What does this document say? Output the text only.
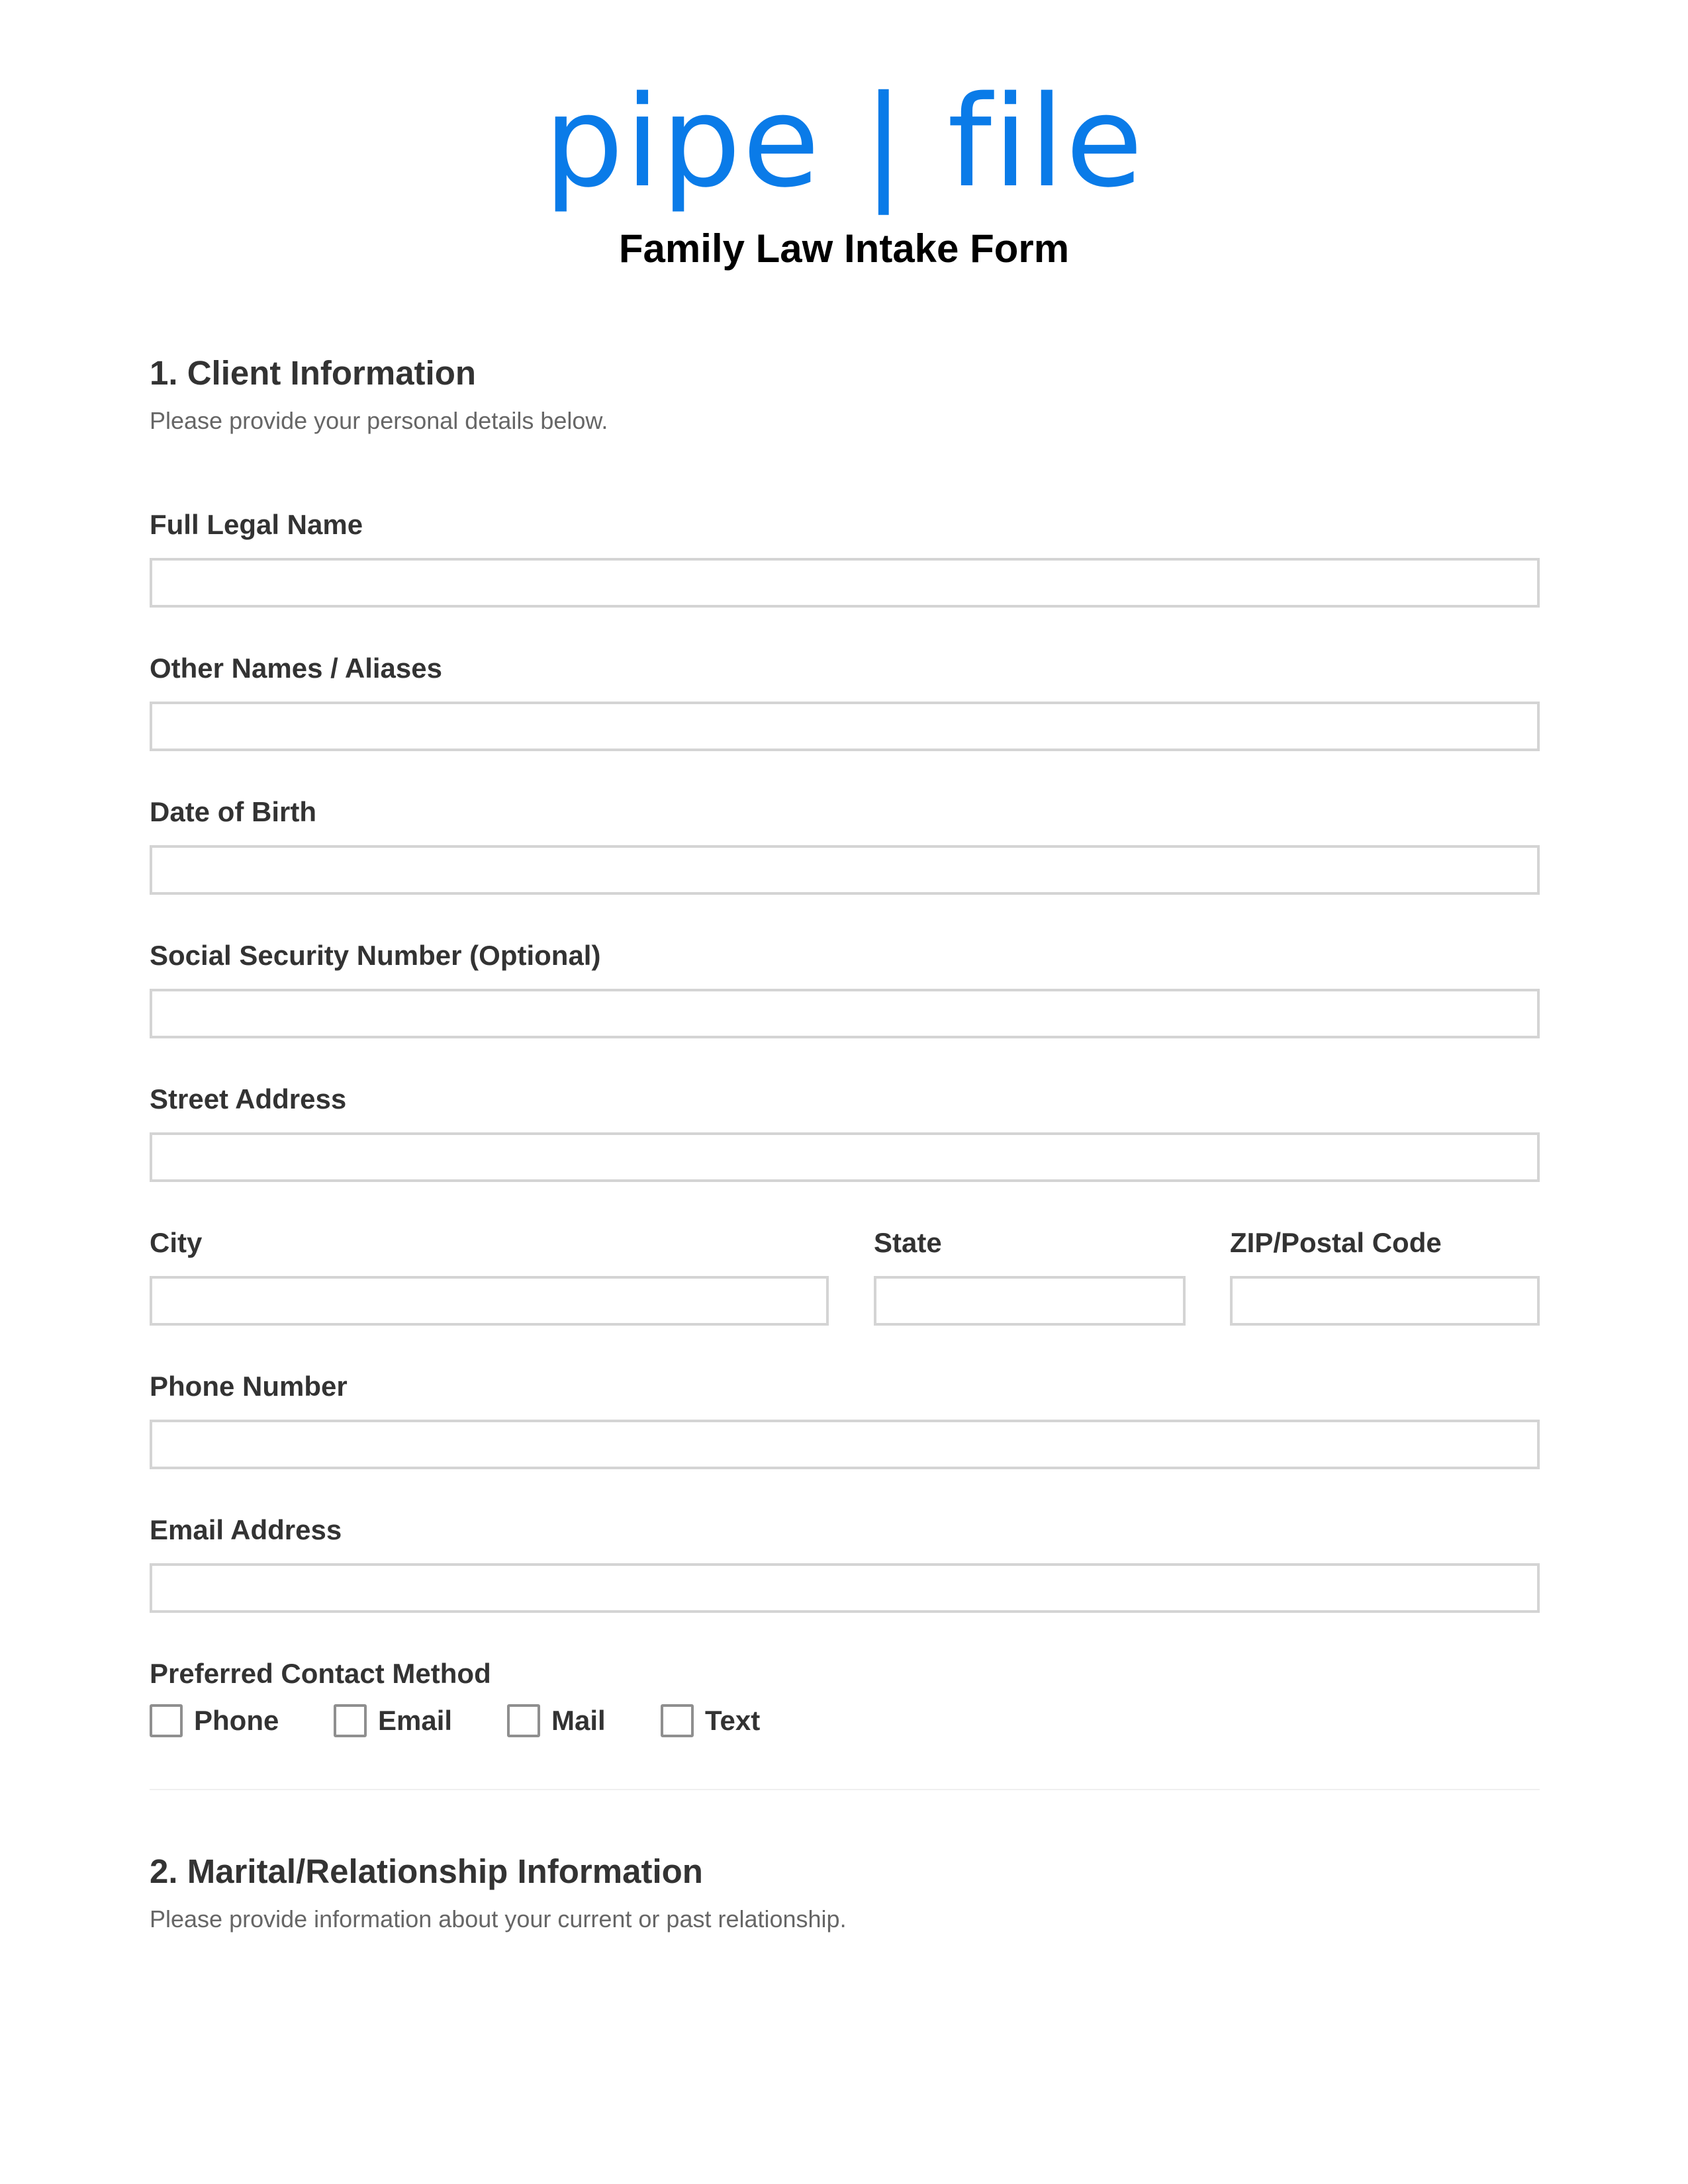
pipe | file
Family Law Intake Form
1. Client Information
Please provide your personal details below.
Full Legal Name
Other Names / Aliases
Date of Birth
Social Security Number (Optional)
Street Address
City	State	ZIP/Postal Code
Phone Number
Email Address
Preferred Contact Method
Phone	Email	Mail	Text
2. Marital/Relationship Information
Please provide information about your current or past relationship.
